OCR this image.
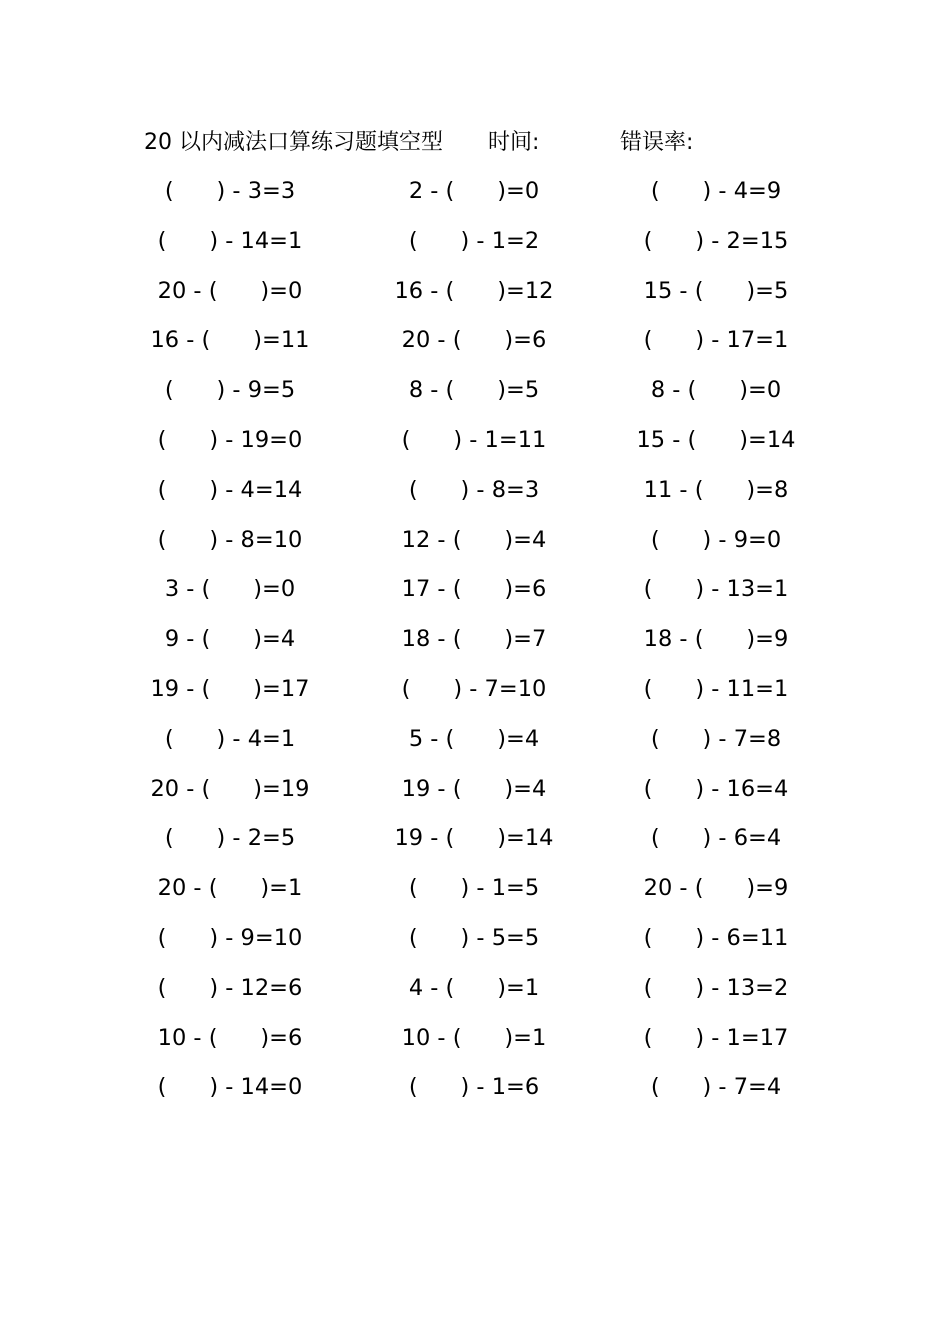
20 以内减法口算练习题填空型 时间:	错误率:
(      ) - 3=3	2 - (      )=0	(      ) - 4=9
(      ) - 14=1	(      ) - 1=2	(      ) - 2=15
20 - (      )=0	16 - (      )=12	15 - (      )=5
16 - (      )=11	20 - (      )=6	(      ) - 17=1
(      ) - 9=5	8 - (      )=5	8 - (      )=0
(      ) - 19=0	(      ) - 1=11	15 - (      )=14
(      ) - 4=14	(      ) - 8=3	11 - (      )=8
(      ) - 8=10	12 - (      )=4	(      ) - 9=0
3 - (      )=0	17 - (      )=6	(      ) - 13=1
9 - (      )=4	18 - (      )=7	18 - (      )=9
19 - (      )=17	(      ) - 7=10	(      ) - 11=1
(      ) - 4=1	5 - (      )=4	(      ) - 7=8
20 - (      )=19	19 - (      )=4	(      ) - 16=4
(      ) - 2=5	19 - (      )=14	(      ) - 6=4
20 - (      )=1	(      ) - 1=5	20 - (      )=9
(      ) - 9=10	(      ) - 5=5	(      ) - 6=11
(      ) - 12=6	4 - (      )=1	(      ) - 13=2
10 - (      )=6	10 - (      )=1	(      ) - 1=17
(      ) - 14=0	(      ) - 1=6	(      ) - 7=4
